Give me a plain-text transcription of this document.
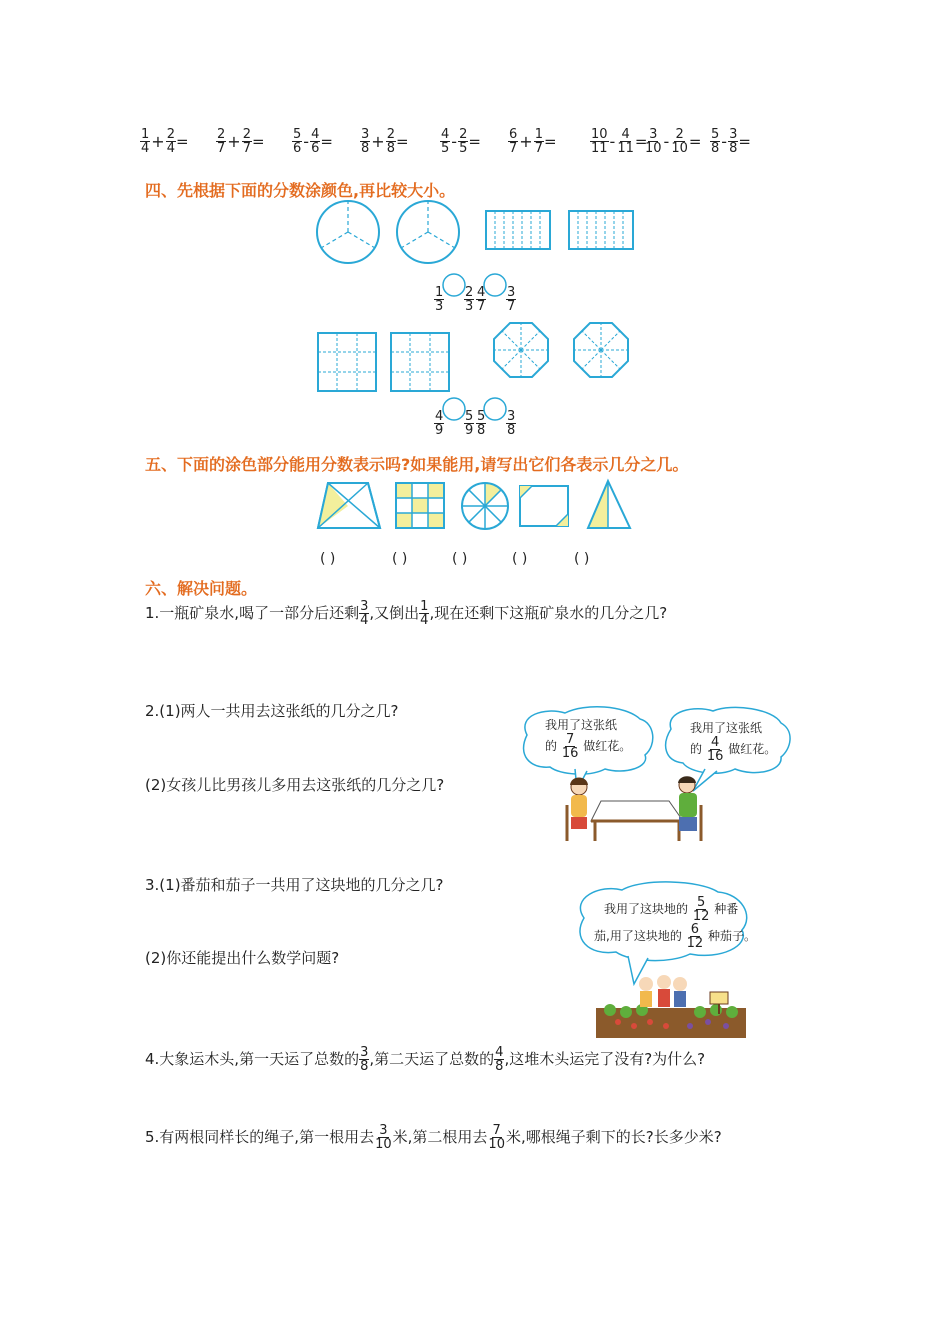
$\frac{1}{4} + \frac{2}{4} = \frac{2}{7} + \frac{2}{7} = \frac{5}{6} - \frac{4}{6} = \frac{3}{8} + \frac{2}{8} = \frac{4}{5} - \frac{2}{5} = \frac{6}{7} + \frac{1}{7}$ =	$\frac{10}{11} - \frac{4}{11}$ =
$\frac{3}{10} - \frac{2}{10} = \frac{5}{8} - \frac{3}{8}$ =
四、先根据下面的分数涂颜色,再比较大小。
$\frac{1}{3} \frac{2}{3} \frac{4}{7} \frac{3}{7}$
$\frac{4}{9} \frac{5}{9} \frac{5}{8} \frac{3}{8}$
五、下面的涂色部分能用分数表示吗?如果能用,请写出它们各表示几分之几。
( )	( )	( )	( )	( )
六、解决问题。
1.一瓶矿泉水,喝了一部分后还剩 $\frac{3}{4}$ ,又倒出 $\frac{1}{4}$ ,现在还剩下这瓶矿泉水的几分之几?
2.(1)两人一共用去这张纸的几分之几?
(2)女孩儿比男孩儿多用去这张纸的几分之几?
我用了这张纸
的 $\frac{7}{16}$ 做红花。
我用了这张纸
的 $\frac{4}{16}$ 做红花。
3.(1)番茄和茄子一共用了这块地的几分之几?
(2)你还能提出什么数学问题?
我用了这块地的 $\frac{5}{12}$ 种番
茄,用了这块地的 $\frac{6}{12}$ 种茄子。
4.大象运木头,第一天运了总数的 $\frac{3}{8}$ ,第二天运了总数的 $\frac{4}{8}$ ,这堆木头运完了没有?为什么?
5.有两根同样长的绳子,第一根用去 $\frac{3}{10}$ 米,第二根用去 $\frac{7}{10}$ 米,哪根绳子剩下的长?长多少米?
